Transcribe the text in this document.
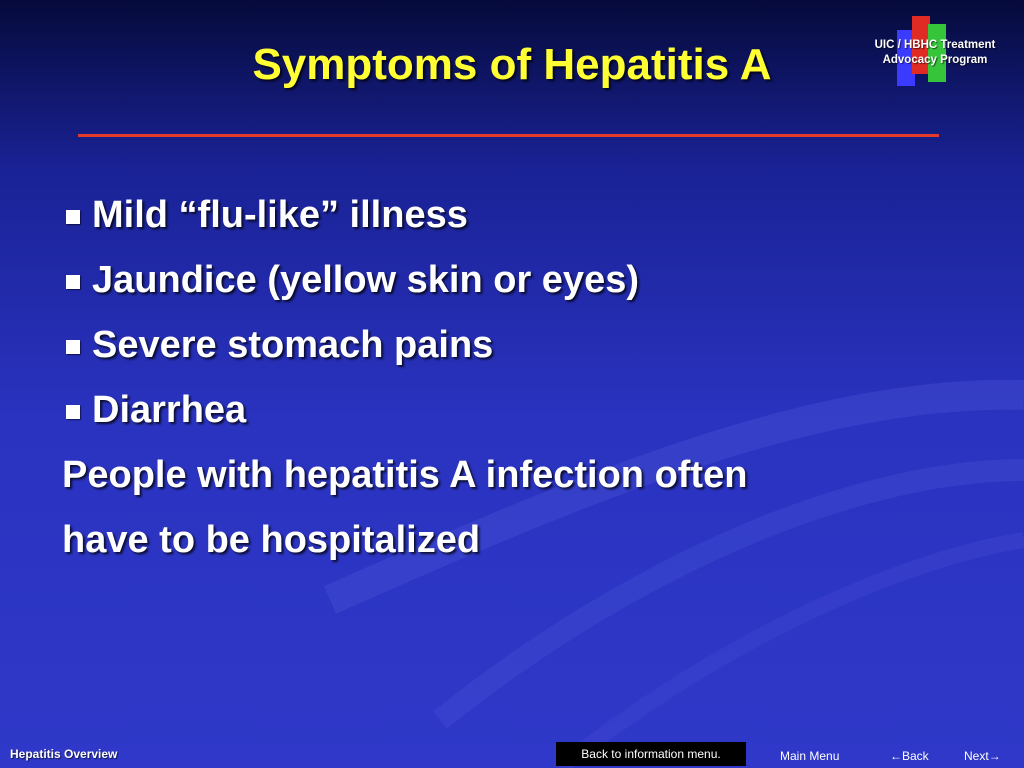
Symptoms of Hepatitis A	UIC / HBHC Treatment
Advocacy Program
Mild “flu-like” illness
Jaundice (yellow skin or eyes)
Severe stomach pains
Diarrhea
People with hepatitis A infection often
have to be hospitalized
Hepatitis Overview	Back to information menu.	Main Menu	←Back	Next→
